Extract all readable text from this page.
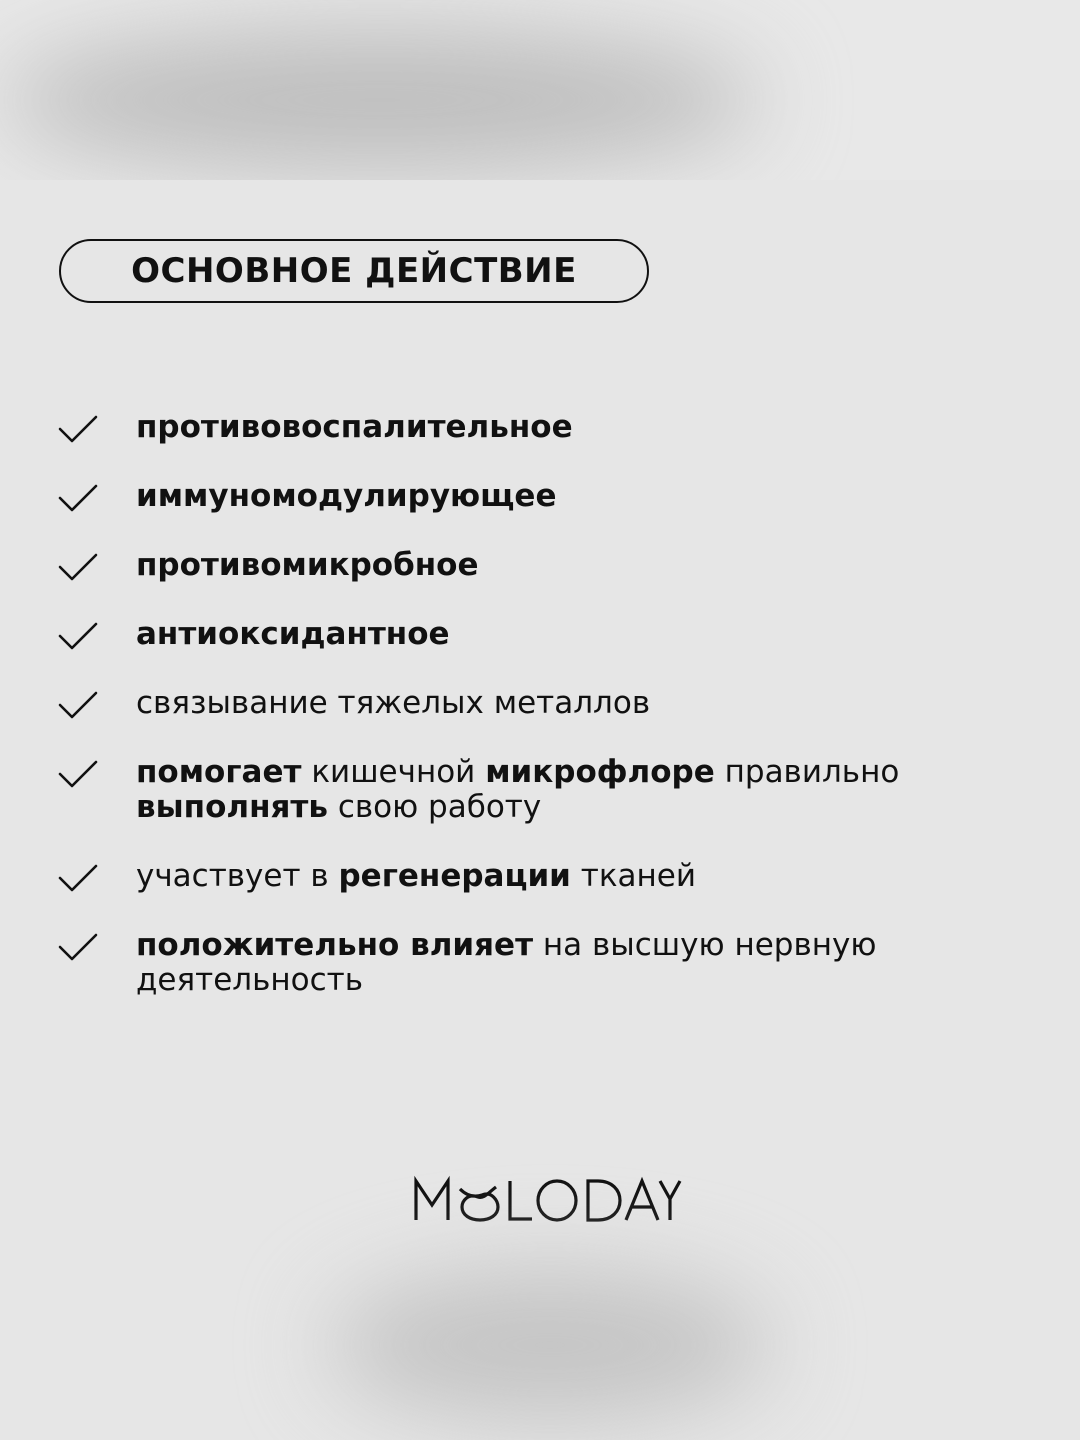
ОСНОВНОЕ ДЕЙСТВИЕ
противовоспалительное
иммуномодулирующее
противомикробное
антиоксидантное
связывание тяжелых металлов
помогает кишечной микрофлоре правильно выполнять свою работу
участвует в регенерации тканей
положительно влияет на высшую нервную деятельность
